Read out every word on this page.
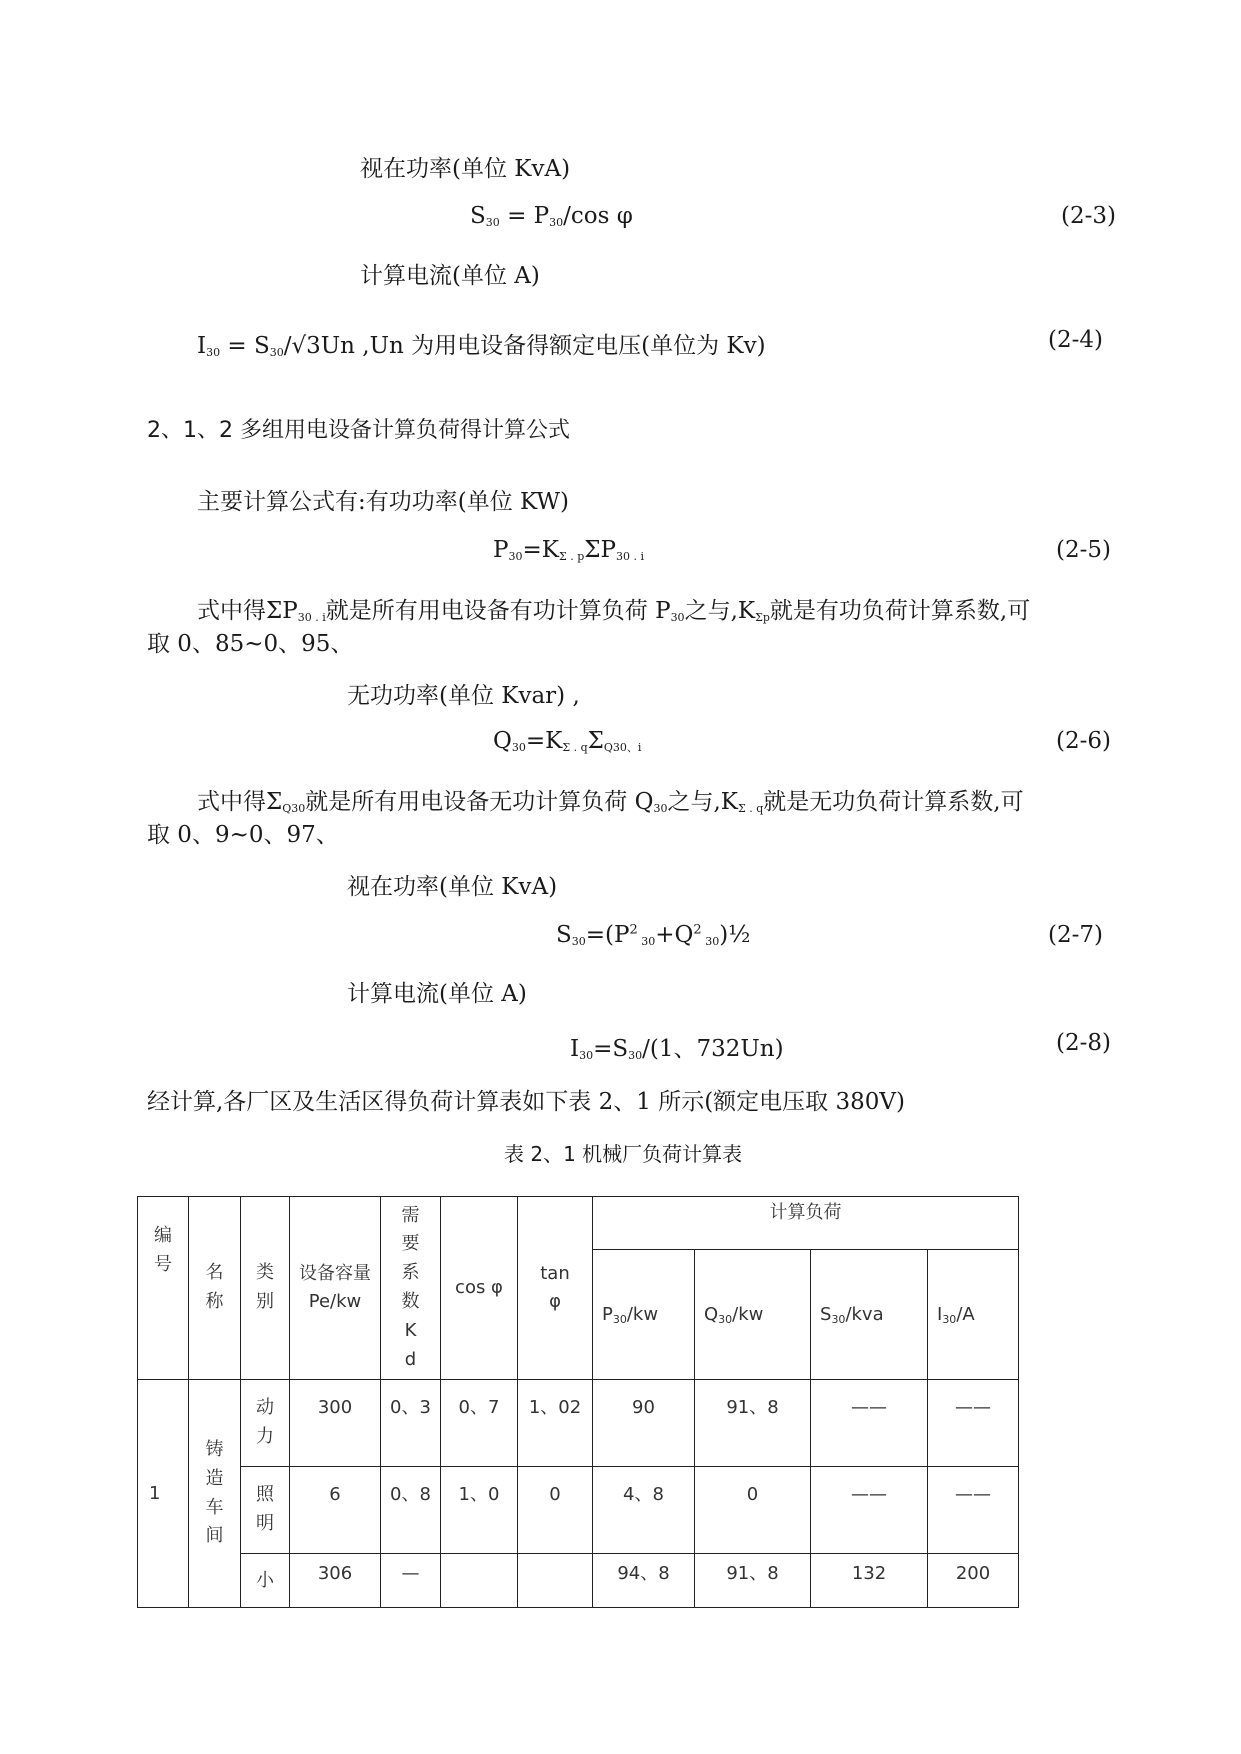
视在功率(单位 KvA)
$S_{30} = P_{30}/\cos$ φ	(2-3)
计算电流(单位 A)
$I_{30} = S_{30}/√3Un$ ,Un 为用电设备得额定电压(单位为 Kv)	(2-4)
2、1、2 多组用电设备计算负荷得计算公式
主要计算公式有:有功功率(单位 KW)
$P_{30}=K_{\Sigma . p}\Sigma P_{30 . i}$	(2-5)
式中得$\Sigma P_{30 . i}$就是所有用电设备有功计算负荷 $P_{30}$之与$,K_{\Sigma p}$就是有功负荷计算系数,可
取 0、85~0、95、
无功功率(单位 Kvar) ,
$Q_{30}=K_{\Sigma . q}\Sigma_{Q30、i}$	(2-6)
式中得$\Sigma_{Q30}$就是所有用电设备无功计算负荷 $Q_{30}$之与$,K_{\Sigma . q}$就是无功负荷计算系数,可
取 0、9~0、97、
视在功率(单位 KvA)
$S_{30}=(P^2$ $_{30}+Q^2$ $_{30}$)½	(2-7)
计算电流(单位 A)
$I_{30}=S_{30}/(1$、732Un)	(2-8)
经计算,各厂区及生活区得负荷计算表如下表 2、1 所示(额定电压取 380V)
表 2、1 机械厂负荷计算表
编号	名称	类别	设备容量 Pe/kw	需要系数Kd	cos φ	tan φ	计算负荷			
							$P_{30}/kw$	$Q_{30}/kw$	$S_{30}$/kva	$I_{30}/A$
1	铸造车间	动力	300	0、3	0、7	1、02	90	91、8	——	——
		照明	6	0、8	1、0	0	4、8	0	——	——
		小	306	—			94、8	91、8	132	200
